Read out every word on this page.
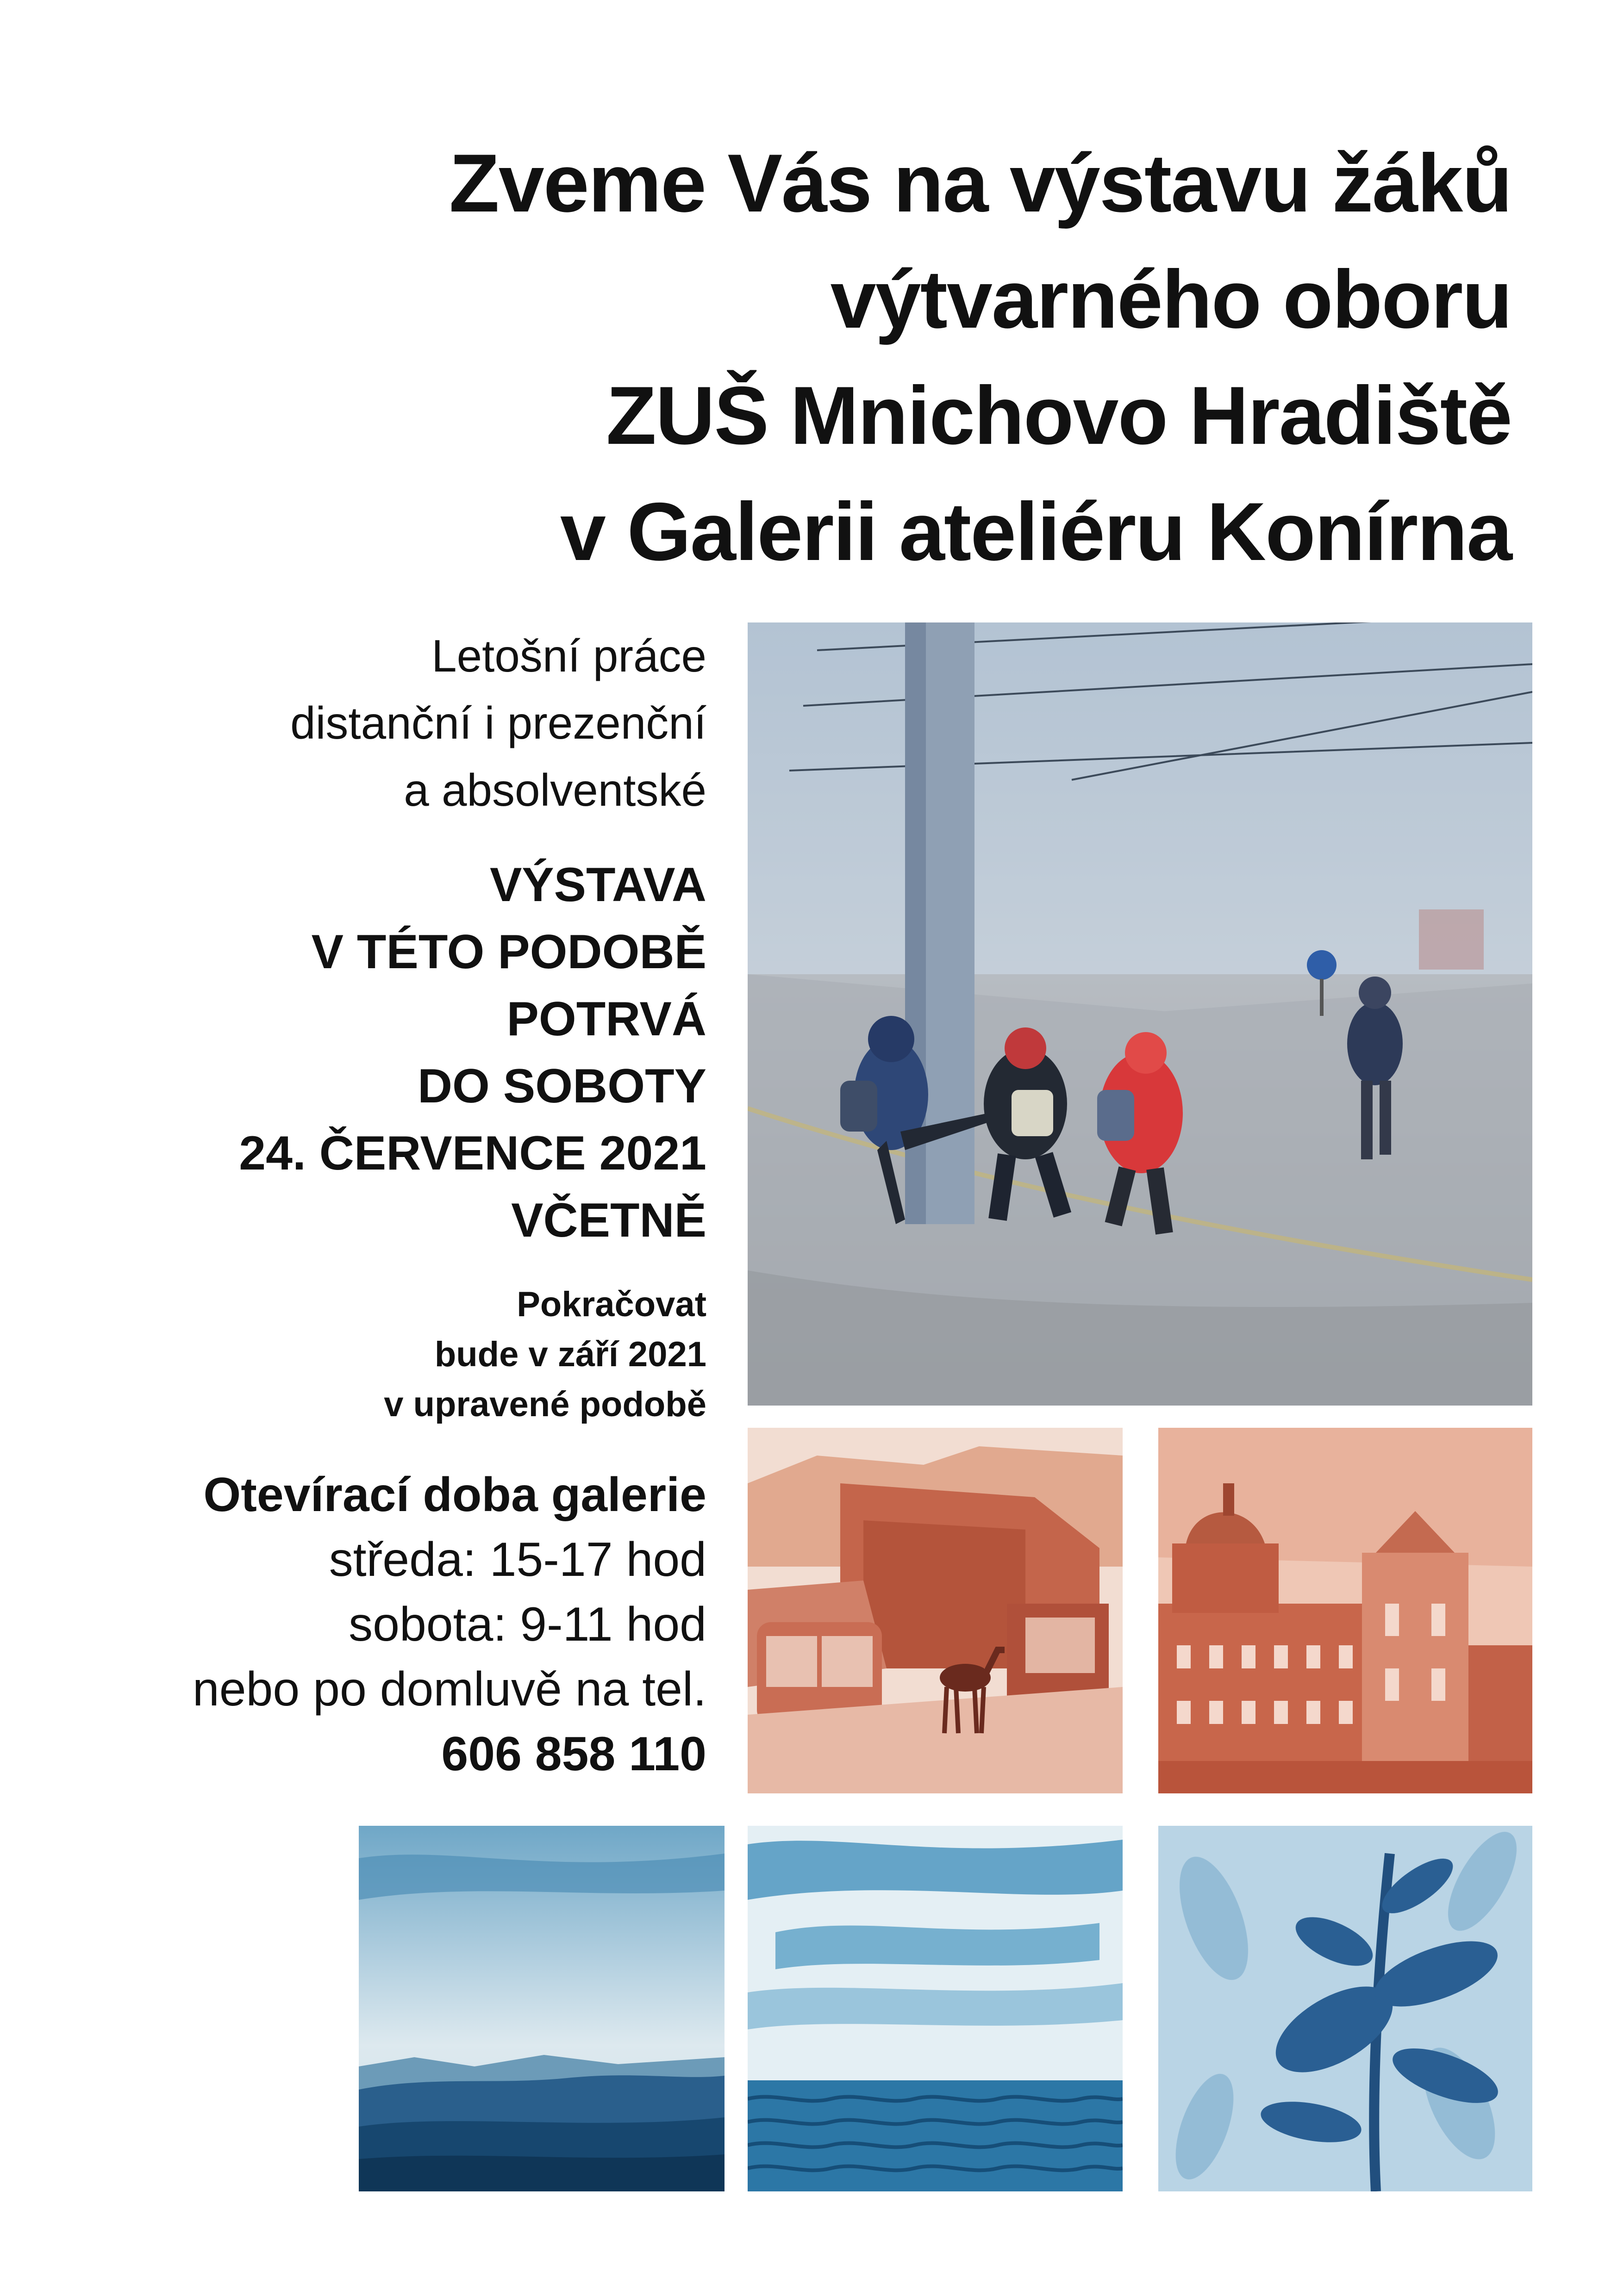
Zveme Vás na výstavu žáků
výtvarného oboru
ZUŠ Mnichovo Hradiště
v Galerii ateliéru Konírna
Letošní práce
distanční i prezenční
a absolventské
VÝSTAVA
V TÉTO PODOBĚ
POTRVÁ
DO SOBOTY
24. ČERVENCE 2021
VČETNĚ
Pokračovat
bude v září 2021
v upravené podobě
Otevírací doba galerie
středa: 15-17 hod
sobota: 9-11 hod
nebo po domluvě na tel.
606 858 110
